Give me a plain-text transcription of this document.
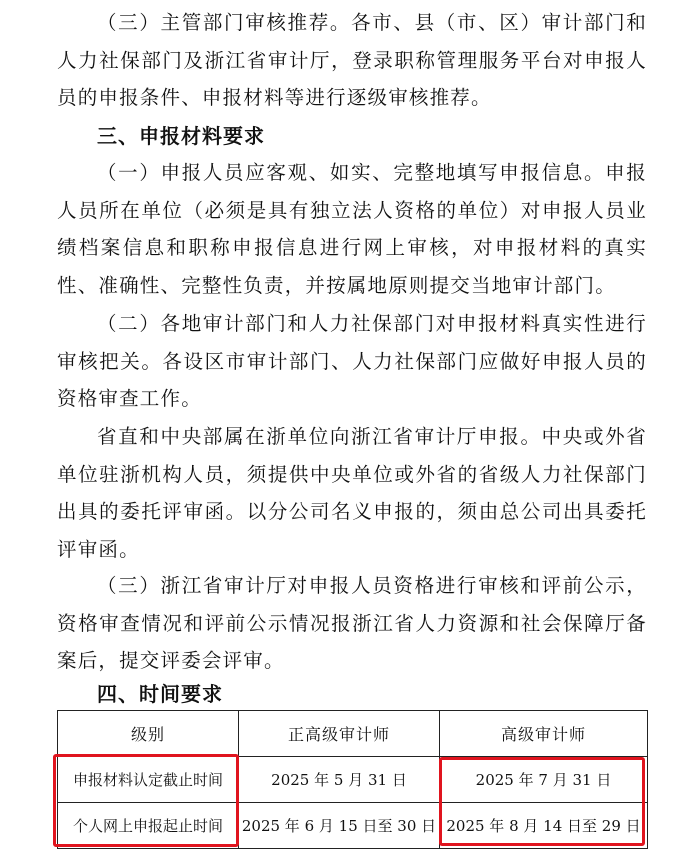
（三）主管部门审核推荐。各市、县（市、区）审计部门和人力社保部门及浙江省审计厅，登录职称管理服务平台对申报人员的申报条件、申报材料等进行逐级审核推荐。

三、申报材料要求

（一）申报人员应客观、如实、完整地填写申报信息。申报人员所在单位（必须是具有独立法人资格的单位）对申报人员业绩档案信息和职称申报信息进行网上审核，对申报材料的真实性、准确性、完整性负责，并按属地原则提交当地审计部门。

（二）各地审计部门和人力社保部门对申报材料真实性进行审核把关。各设区市审计部门、人力社保部门应做好申报人员的资格审查工作。

省直和中央部属在浙单位向浙江省审计厅申报。中央或外省单位驻浙机构人员，须提供中央单位或外省的省级人力社保部门出具的委托评审函。以分公司名义申报的，须由总公司出具委托评审函。

（三）浙江省审计厅对申报人员资格进行审核和评前公示，资格审查情况和评前公示情况报浙江省人力资源和社会保障厅备案后，提交评委会评审。

四、时间要求
级别	正高级审计师	高级审计师
申报材料认定截止时间	2025 年 5 月 31 日	2025 年 7 月 31 日
个人网上申报起止时间	2025 年 6 月 15 日至 30 日	2025 年 8 月 14 日至 29 日
